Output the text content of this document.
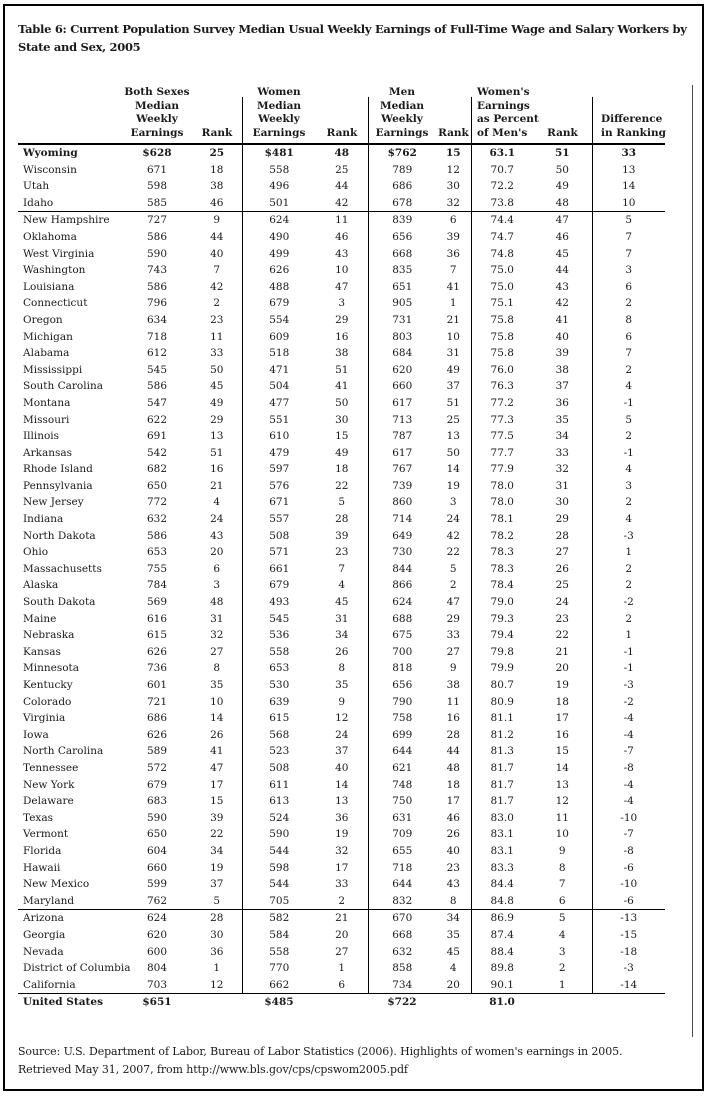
Table 6: Current Population Survey Median Usual Weekly Earnings of Full-Time Wage and Salary Workers by
State and Sex, 2005

Both Sexes
Median
Weekly
Earnings	Rank

Women
Median
Weekly
Earnings	Rank

Men
Median
Weekly
Earnings	Rank

Women's
Earnings
as Percent
of Men's	Rank

Difference
in Ranking

Wyoming	$628	25	$481	48	$762	15	63.1	51	33
Wisconsin	671	18	558	25	789	12	70.7	50	13
Utah	598	38	496	44	686	30	72.2	49	14
Idaho	585	46	501	42	678	32	73.8	48	10
New Hampshire	727	9	624	11	839	6	74.4	47	5
Oklahoma	586	44	490	46	656	39	74.7	46	7
West Virginia	590	40	499	43	668	36	74.8	45	7
Washington	743	7	626	10	835	7	75.0	44	3
Louisiana	586	42	488	47	651	41	75.0	43	6
Connecticut	796	2	679	3	905	1	75.1	42	2
Oregon	634	23	554	29	731	21	75.8	41	8
Michigan	718	11	609	16	803	10	75.8	40	6
Alabama	612	33	518	38	684	31	75.8	39	7
Mississippi	545	50	471	51	620	49	76.0	38	2
South Carolina	586	45	504	41	660	37	76.3	37	4
Montana	547	49	477	50	617	51	77.2	36	-1
Missouri	622	29	551	30	713	25	77.3	35	5
Illinois	691	13	610	15	787	13	77.5	34	2
Arkansas	542	51	479	49	617	50	77.7	33	-1
Rhode Island	682	16	597	18	767	14	77.9	32	4
Pennsylvania	650	21	576	22	739	19	78.0	31	3
New Jersey	772	4	671	5	860	3	78.0	30	2
Indiana	632	24	557	28	714	24	78.1	29	4
North Dakota	586	43	508	39	649	42	78.2	28	-3
Ohio	653	20	571	23	730	22	78.3	27	1
Massachusetts	755	6	661	7	844	5	78.3	26	2
Alaska	784	3	679	4	866	2	78.4	25	2
South Dakota	569	48	493	45	624	47	79.0	24	-2
Maine	616	31	545	31	688	29	79.3	23	2
Nebraska	615	32	536	34	675	33	79.4	22	1
Kansas	626	27	558	26	700	27	79.8	21	-1
Minnesota	736	8	653	8	818	9	79.9	20	-1
Kentucky	601	35	530	35	656	38	80.7	19	-3
Colorado	721	10	639	9	790	11	80.9	18	-2
Virginia	686	14	615	12	758	16	81.1	17	-4
Iowa	626	26	568	24	699	28	81.2	16	-4
North Carolina	589	41	523	37	644	44	81.3	15	-7
Tennessee	572	47	508	40	621	48	81.7	14	-8
New York	679	17	611	14	748	18	81.7	13	-4
Delaware	683	15	613	13	750	17	81.7	12	-4
Texas	590	39	524	36	631	46	83.0	11	-10
Vermont	650	22	590	19	709	26	83.1	10	-7
Florida	604	34	544	32	655	40	83.1	9	-8
Hawaii	660	19	598	17	718	23	83.3	8	-6
New Mexico	599	37	544	33	644	43	84.4	7	-10
Maryland	762	5	705	2	832	8	84.8	6	-6
Arizona	624	28	582	21	670	34	86.9	5	-13
Georgia	620	30	584	20	668	35	87.4	4	-15
Nevada	600	36	558	27	632	45	88.4	3	-18
District of Columbia	804	1	770	1	858	4	89.8	2	-3
California	703	12	662	6	734	20	90.1	1	-14
United States	$651		$485		$722		81.0		
Source: U.S. Department of Labor, Bureau of Labor Statistics (2006). Highlights of women's earnings in 2005.
Retrieved May 31, 2007, from http://www.bls.gov/cps/cpswom2005.pdf
